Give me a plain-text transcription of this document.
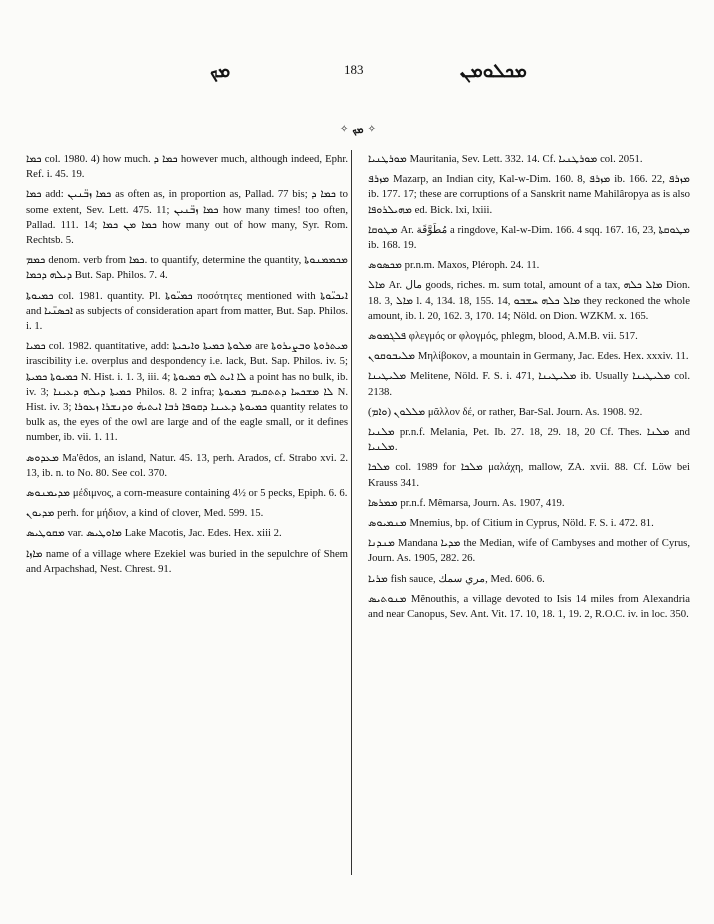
ܡܟ	183	ܡܟܠܘܡܢ
✧ ܡܟ ✧

ܟܡܐ col. 1980. 4) how much. ܟܡܐ ܕ however much, although indeed, Ephr. Ref. i. 45. 19.

ܟܡܐ add: ܟܡܐ ܙܒ̈ܢܝܢ as often as, in proportion as, Pallad. 77 bis; ܟܡܐ ܕ to some extent, Sev. Lett. 475. 11; ܟܡܐ ܙܒ̈ܢܝܢ how many times! too often, Pallad. 111. 14; ܟܡܐ ܡܢ ܟܡܐ how many out of how many, Syr. Rom. Rechtsb. 5.

ܟܡܡ denom. verb from ܟܡܐ. to quantify, determine the quantity, ܡܟܡܡܢܘܬܐ ܕܝܠܗ ܕܟܡܐ But. Sap. Philos. 7. 4.

ܟܡܝܘܬܐ col. 1981. quantity. Pl. ܟܡܝ̈ܘܬܐ ποσότητες mentioned with ܐܝܟܝ̈ܘܬܐ and ܐܟܣܢ̈ܝܐ as subjects of consideration apart from matter, But. Sap. Philos. i. 1.

ܟܡܝܐ col. 1982. quantitative, add: ܡܠܘܬܐ ܟܡܝܬܐ ܘܐܝܟܝܬܐ are ܡܝܬܪܘܬܐ ܘܒܨܝܪܘܬܐ irascibility i.e. overplus and despondency i.e. lack, But. Sap. Philos. iv. 5; ܟܡܝܘܬܐ ܟܡܝܬܐ N. Hist. i. 1. 3, iii. 4; ܠܐ ܐܝܬ ܠܗ ܟܡܝܘܬܐ a point has no bulk, ib. iv. 3; ܟܡܝܬܐ ܕܝܠܗ ܕܥܝܢܐ Philos. 8. 2 infra; ܠܐ ܡܫܟܚܐ ܕܬܬܩܝܡ ܟܡܝܘܬܐ N. Hist. iv. 3; ܟܡܝܘܬܐ ܕܥܝܢܐ ܕܩܘܦܐ ܪܒܐ ܐܝܬܝܗ̇ ܘܕܢܫܪܐ ܙܥܘܪܐ quantity relates to bulk as, the eyes of the owl are large and of the eagle small, or it defines number, ib. vii. 1. 11.

ܡܥܕܘܣ Ma'êdos, an island, Natur. 45. 13, perh. Arados, cf. Strabo xvi. 2. 13, ib. n. to No. 80. See col. 370.

ܡܕܝܡܢܘܣ μέδιμνος, a corn-measure containing 4½ or 5 pecks, Epiph. 6. 6.

ܡܕܝܘܢ perh. for μήδιον, a kind of clover, Med. 599. 15.

ܡܩܘܛܝܣ var. ܡܐܘܛܝܣ Lake Macotis, Jac. Edes. Hex. xiii 2.

ܡܐܙܐ name of a village where Ezekiel was buried in the sepulchre of Shem and Arpachshad, Nest. Chrest. 91.

ܡܘܪܛܢܝܐ Mauritania, Sev. Lett. 332. 14. Cf. ܡܘܪܛܢܝܐ col. 2051.

ܡܙܪܦ Mazarp, an Indian city, Kal-w-Dim. 160. 8, ܡܙܪܦ ib. 166. 22, ܡܙܪܦ ib. 177. 17; these are corruptions of a Sanskrit name Mahilâropya as is also ܡܗܝܠܪܘܦܐ ed. Bick. lxi, lxiii.

ܡܛܘܩܐ Ar. مُطَوَّقَة a ringdove, Kal-w-Dim. 166. 4 sqq. 167. 16, 23, ܡܛܘܩܬܐ ib. 168. 19.

ܡܟܣܘܣ pr.n.m. Maxos, Pléroph. 24. 11.

ܡܐܠ Ar. مال goods, riches. m. sum total, amount of a tax, ܡܐܠ ܟܠܗ Dion. 18. 3, ܡܐܠ l. 4, 134. 18, 155. 14, ܡܐܠ ܟܠܗ ܚܫܒܘ they reckoned the whole amount, ib. l. 20, 162. 3, 170. 14; Nöld. on Dion. WZKM. x. 165.

ܦܠܓܡܘܣ φλεγμός or φλογμός, phlegm, blood, A.M.B. vii. 517.

ܡܠܝܒܘܩܘܢ Μηλίβοκον, a mountain in Germany, Jac. Edes. Hex. xxxiv. 11.

ܡܠܝܛܝܢܐ Melitene, Nöld. F. S. i. 471, ܡܠܝܛܝܢܐ ib. Usually ܡܠܝܛܝܢܐ col. 2138.

ܡܠܠܘܢ (ܘܐܡ) μᾶλλον δέ, or rather, Bar-Sal. Journ. As. 1908. 92.

ܡܠܢܝܐ pr.n.f. Melania, Pet. Ib. 27. 18, 29. 18, 20 Cf. Thes. ܡܠܢܐ and ܡܠܢܝܐ.

ܡܠܟܐ col. 1989 for ܡܠܟܐ μαλάχη, mallow, ZA. xvii. 88. Cf. Löw bei Krauss 341.

ܡܡܪܣܐ pr.n.f. Mêmarsa, Journ. As. 1907, 419.

ܡܢܡܝܘܣ Mnemius, bp. of Citium in Cyprus, Nöld. F. S. i. 472. 81.

ܡܢܕܢܐ Mandana ܡܕܝܐ the Median, wife of Cambyses and mother of Cyrus, Journ. As. 1905, 282. 26.

ܡܪܝܐ fish sauce, مري سمك, Med. 606. 6.

ܡܢܘܬܝܣ Mĕnouthis, a village devoted to Isis 14 miles from Alexandria and near Canopus, Sev. Ant. Vit. 17. 10, 18. 1, 19. 2, R.O.C. iv. in loc. 350.
